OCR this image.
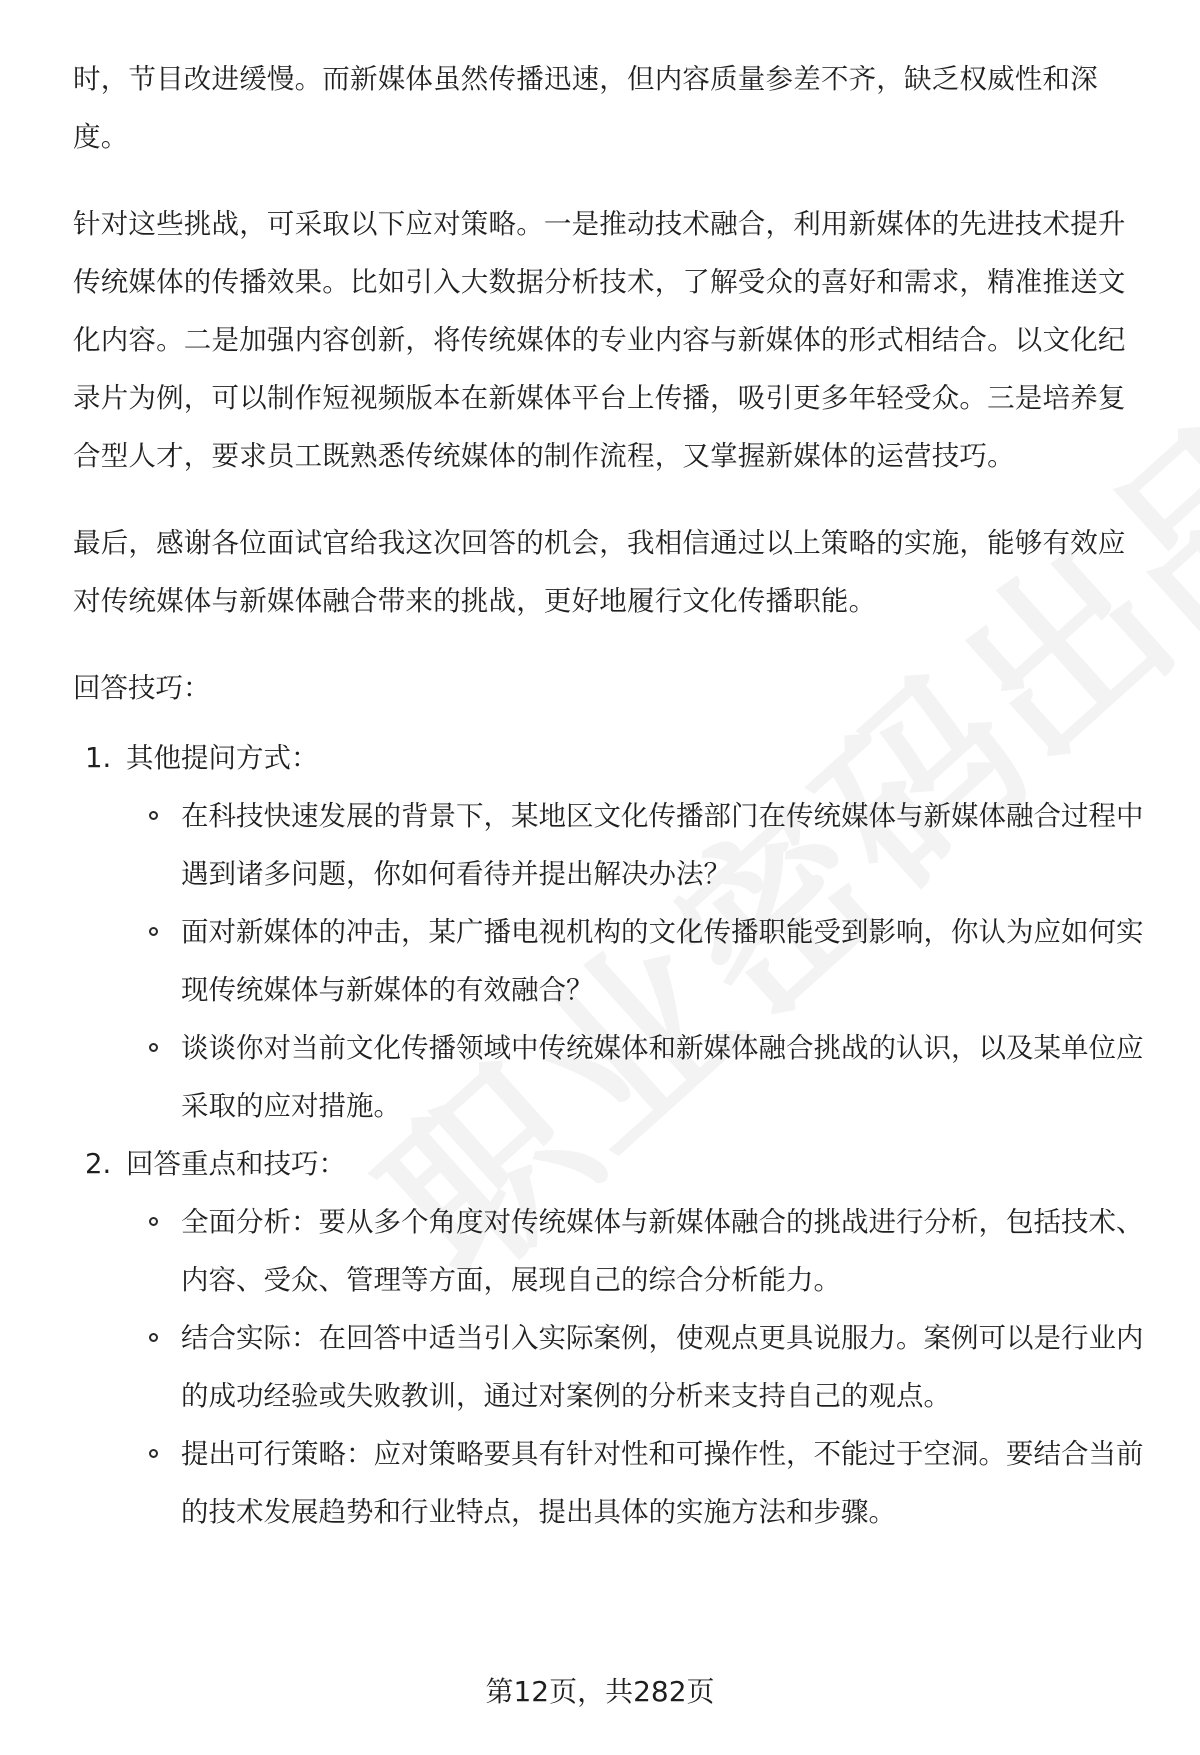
时，节目改进缓慢。而新媒体虽然传播迅速，但内容质量参差不齐，缺乏权威性和深度。

针对这些挑战，可采取以下应对策略。一是推动技术融合，利用新媒体的先进技术提升传统媒体的传播效果。比如引入大数据分析技术，了解受众的喜好和需求，精准推送文化内容。二是加强内容创新，将传统媒体的专业内容与新媒体的形式相结合。以文化纪录片为例，可以制作短视频版本在新媒体平台上传播，吸引更多年轻受众。三是培养复合型人才，要求员工既熟悉传统媒体的制作流程，又掌握新媒体的运营技巧。

最后，感谢各位面试官给我这次回答的机会，我相信通过以上策略的实施，能够有效应对传统媒体与新媒体融合带来的挑战，更好地履行文化传播职能。

回答技巧：

1. 其他提问方式：
在科技快速发展的背景下，某地区文化传播部门在传统媒体与新媒体融合过程中遇到诸多问题，你如何看待并提出解决办法？
面对新媒体的冲击，某广播电视机构的文化传播职能受到影响，你认为应如何实现传统媒体与新媒体的有效融合？
谈谈你对当前文化传播领域中传统媒体和新媒体融合挑战的认识，以及某单位应采取的应对措施。
2. 回答重点和技巧：
全面分析：要从多个角度对传统媒体与新媒体融合的挑战进行分析，包括技术、内容、受众、管理等方面，展现自己的综合分析能力。
结合实际：在回答中适当引入实际案例，使观点更具说服力。案例可以是行业内的成功经验或失败教训，通过对案例的分析来支持自己的观点。
提出可行策略：应对策略要具有针对性和可操作性，不能过于空洞。要结合当前的技术发展趋势和行业特点，提出具体的实施方法和步骤。
第12页，共282页
